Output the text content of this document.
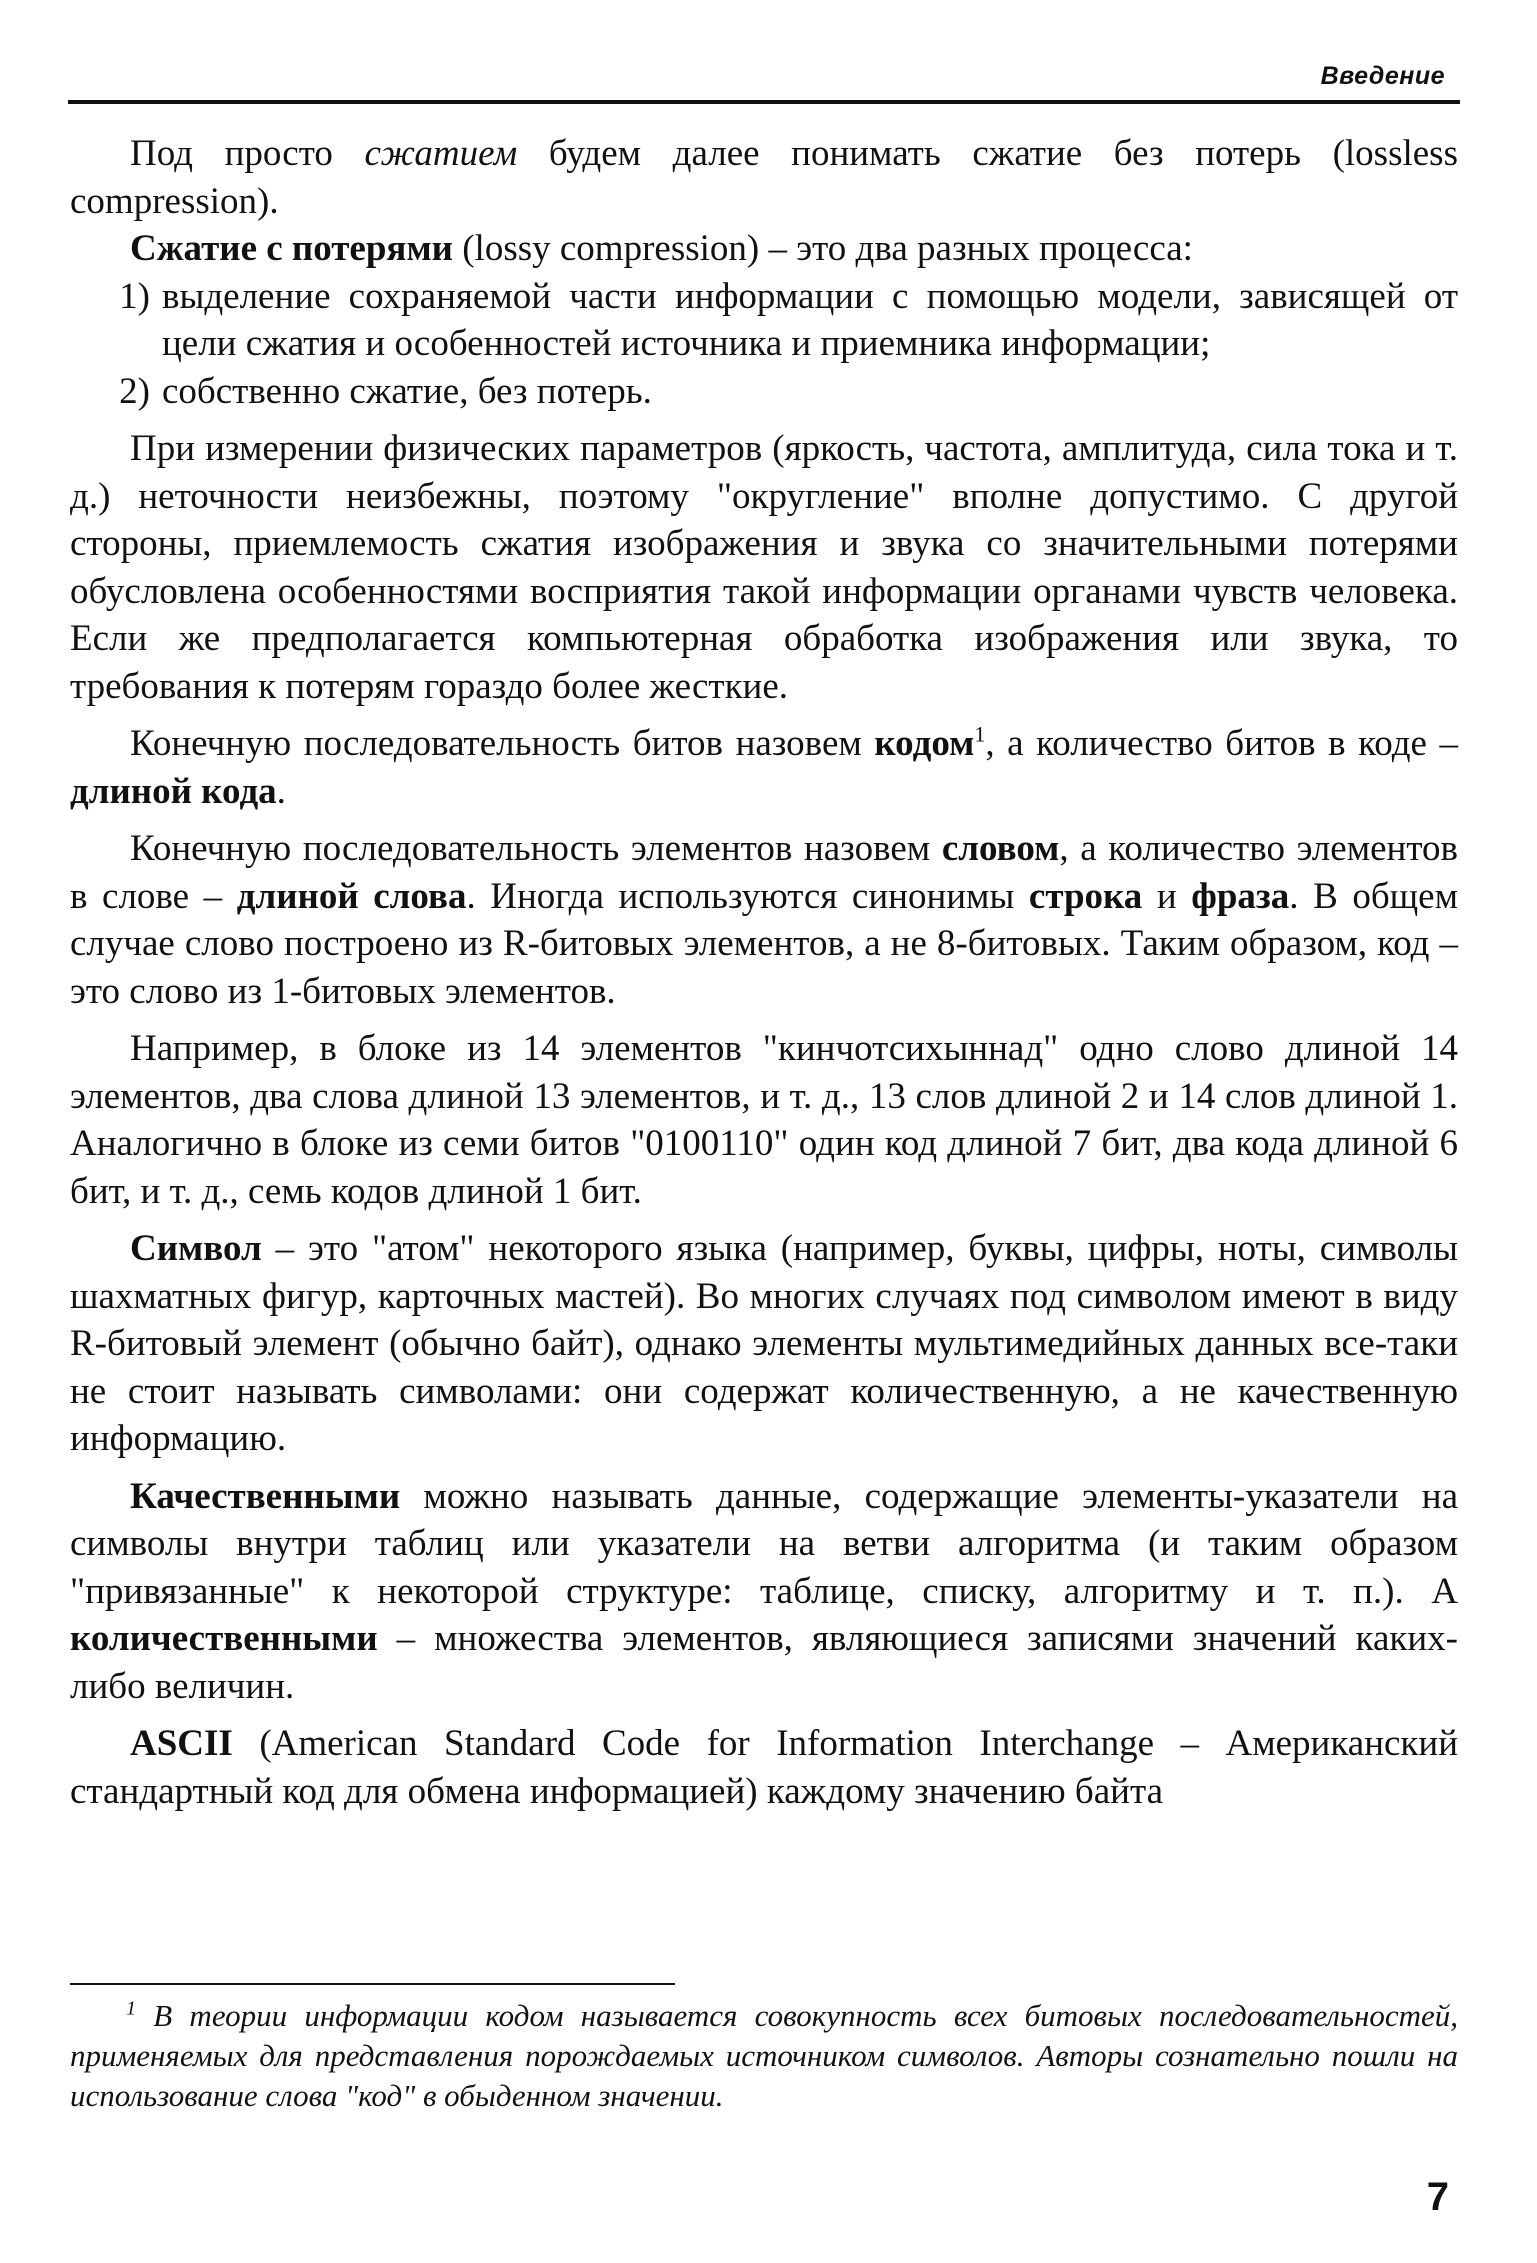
Введение

Под просто сжатием будем далее понимать сжатие без потерь (lossless compression).

Сжатие с потерями (lossy compression) – это два разных процесса:

1) выделение сохраняемой части информации с помощью модели, зависящей от цели сжатия и особенностей источника и приемника информации;
2) собственно сжатие, без потерь.

При измерении физических параметров (яркость, частота, амплитуда, сила тока и т. д.) неточности неизбежны, поэтому "округление" вполне допустимо. С другой стороны, приемлемость сжатия изображения и звука со значительными потерями обусловлена особенностями восприятия такой информации органами чувств человека. Если же предполагается компьютерная обработка изображения или звука, то требования к потерям гораздо более жесткие.

Конечную последовательность битов назовем кодом$^1$, а количество битов в коде – длиной кода.

Конечную последовательность элементов назовем словом, а количество элементов в слове – длиной слова. Иногда используются синонимы строка и фраза. В общем случае слово построено из R-битовых элементов, а не 8-битовых. Таким образом, код – это слово из 1-битовых элементов.

Например, в блоке из 14 элементов "кинчотсихыннад" одно слово длиной 14 элементов, два слова длиной 13 элементов, и т. д., 13 слов длиной 2 и 14 слов длиной 1. Аналогично в блоке из семи битов "0100110" один код длиной 7 бит, два кода длиной 6 бит, и т. д., семь кодов длиной 1 бит.

Символ – это "атом" некоторого языка (например, буквы, цифры, ноты, символы шахматных фигур, карточных мастей). Во многих случаях под символом имеют в виду R-битовый элемент (обычно байт), однако элементы мультимедийных данных все-таки не стоит называть символами: они содержат количественную, а не качественную информацию.

Качественными можно называть данные, содержащие элементы-указатели на символы внутри таблиц или указатели на ветви алгоритма (и таким образом "привязанные" к некоторой структуре: таблице, списку, алгоритму и т. п.). А количественными – множества элементов, являющиеся записями значений каких-либо величин.

ASCII (American Standard Code for Information Interchange – Американский стандартный код для обмена информацией) каждому значению байта

$^1$ В теории информации кодом называется совокупность всех битовых последовательностей, применяемых для представления порождаемых источником символов. Авторы сознательно пошли на использование слова "код" в обыденном значении.
7
